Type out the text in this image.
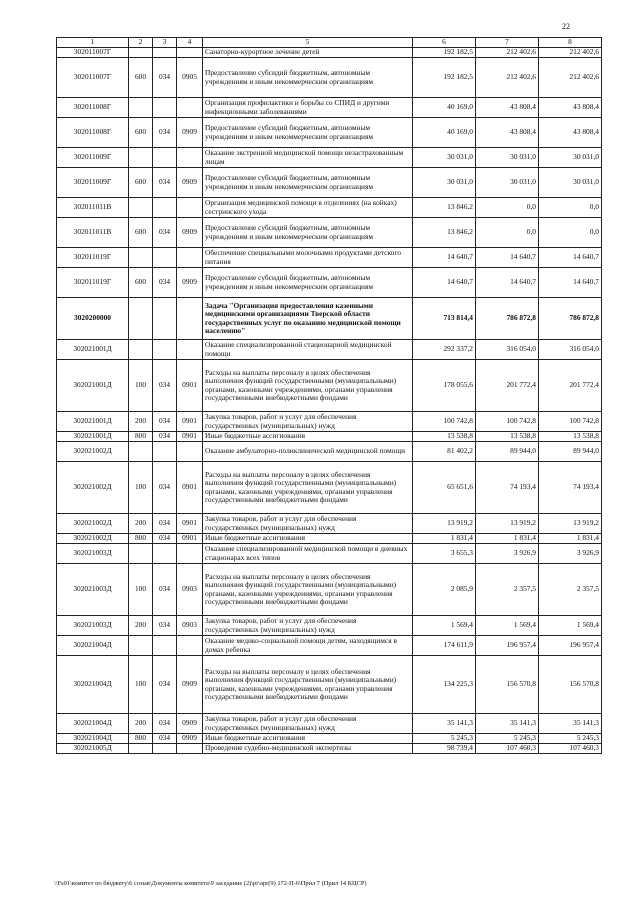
22
1	2	3	4	5	6	7	8
302011007Г				Санаторно-курортное лечение детей	192 182,5	212 402,6	212 402,6
302011007Г	600	034	0905	Предоставление субсидий бюджетным, автономным учреждениям и иным некоммерческим организациям	192 182,5	212 402,6	212 402,6
302011008Г				Организация профилактики и борьбы со СПИД и другими инфекционными заболеваниями	40 169,0	43 808,4	43 808,4
302011008Г	600	034	0909	Предоставление субсидий бюджетным, автономным учреждениям и иным некоммерческим организациям	40 169,0	43 808,4	43 808,4
302011009Г				Оказание экстренной медицинской помощи незастрахованным лицам	30 031,0	30 031,0	30 031,0
302011009Г	600	034	0909	Предоставление субсидий бюджетным, автономным учреждениям и иным некоммерческим организациям	30 031,0	30 031,0	30 031,0
302011011В				Организация медицинской помощи в отделениях (на койках) сестринского ухода	13 846,2	0,0	0,0
302011011В	600	034	0909	Предоставление субсидий бюджетным, автономным учреждениям и иным некоммерческим организациям	13 846,2	0,0	0,0
302011019Г				Обеспечение специальными молочными продуктами детского питания	14 640,7	14 640,7	14 640,7
302011019Г	600	034	0909	Предоставление субсидий бюджетным, автономным учреждениям и иным некоммерческим организациям	14 640,7	14 640,7	14 640,7
3020200000				Задача "Организация предоставления казенными медицинскими организациями Тверской области государственных услуг по оказанию медицинской помощи населению"	713 814,4	786 872,8	786 872,8
302021001Д				Оказание специализированной стационарной медицинской помощи	292 337,2	316 054,0	316 054,0
302021001Д	100	034	0901	Расходы на выплаты персоналу в целях обеспечения выполнения функций государственными (муниципальными) органами, казенными учреждениями, органами управления государственными внебюджетными фондами	178 055,6	201 772,4	201 772,4
302021001Д	200	034	0901	Закупка товаров, работ и услуг для обеспечения государственных (муниципальных) нужд	100 742,8	100 742,8	100 742,8
302021001Д	800	034	0901	Иные бюджетные ассигнования	13 538,8	13 538,8	13 538,8
302021002Д				Оказание амбулаторно-поликлинической медицинской помощи	81 402,2	89 944,0	89 944,0
302021002Д	100	034	0901	Расходы на выплаты персоналу в целях обеспечения выполнения функций государственными (муниципальными) органами, казенными учреждениями, органами управления государственными внебюджетными фондами	65 651,6	74 193,4	74 193,4
302021002Д	200	034	0901	Закупка товаров, работ и услуг для обеспечения государственных (муниципальных) нужд	13 919,2	13 919,2	13 919,2
302021002Д	800	034	0901	Иные бюджетные ассигнования	1 831,4	1 831,4	1 831,4
302021003Д				Оказание специализированной медицинской помощи в дневных стационарах всех типов	3 655,3	3 926,9	3 926,9
302021003Д	100	034	0903	Расходы на выплаты персоналу в целях обеспечения выполнения функций государственными (муниципальными) органами, казенными учреждениями, органами управления государственными внебюджетными фондами	2 085,9	2 357,5	2 357,5
302021003Д	200	034	0903	Закупка товаров, работ и услуг для обеспечения государственных (муниципальных) нужд	1 569,4	1 569,4	1 569,4
302021004Д				Оказание медико-социальной помощи детям, находящимся в домах ребенка	174 611,9	196 957,4	196 957,4
302021004Д	100	034	0909	Расходы на выплаты персоналу в целях обеспечения выполнения функций государственными (муниципальными) органами, казенными учреждениями, органами управления государственными внебюджетными фондами	134 225,3	156 570,8	156 570,8
302021004Д	200	034	0909	Закупка товаров, работ и услуг для обеспечения государственных (муниципальных) нужд	35 141,3	35 141,3	35 141,3
302021004Д	800	034	0909	Иные бюджетные ассигнования	5 245,3	5 245,3	5 245,3
302021005Д				Проведение судебно-медицинской экспертизы	98 739,4	107 460,3	107 460,3
\\Fs01\комитет по бюджету\6 созыв\Документы комитета\9 заседание (2)\pr\apr(9) 172-П-6\Прил 7 (Прил 14 КЦСР)
